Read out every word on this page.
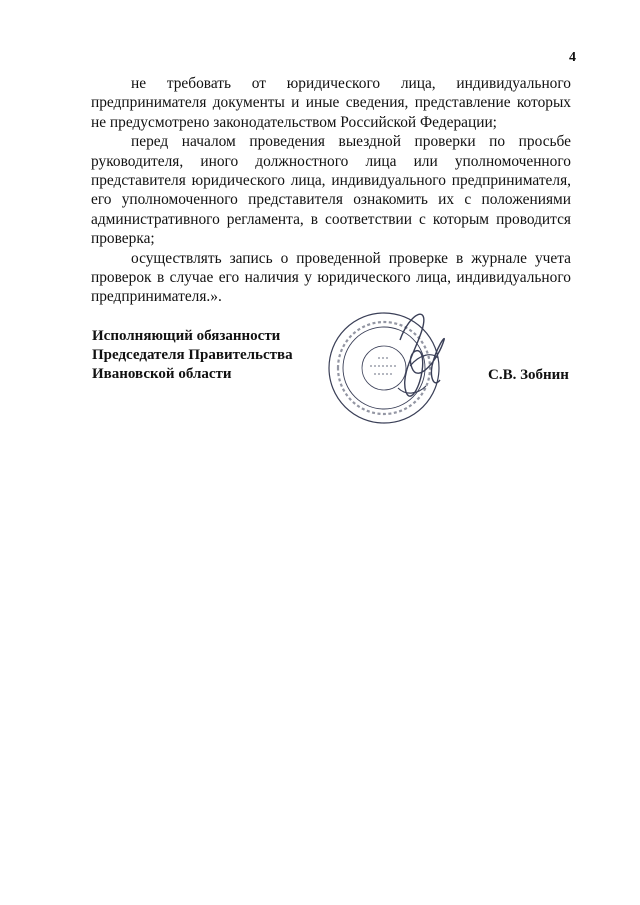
4

не требовать от юридического лица, индивидуального предпринимателя документы и иные сведения, представление которых не предусмотрено законодательством Российской Федерации;

перед началом проведения выездной проверки по просьбе руководителя, иного должностного лица или уполномоченного представителя юридического лица, индивидуального предпринимателя, его уполномоченного представителя ознакомить их с положениями административного регламента, в соответствии с которым проводится проверка;

осуществлять запись о проведенной проверке в журнале учета проверок в случае его наличия у юридического лица, индивидуального предпринимателя.».

Исполняющий обязанности
Председателя Правительства
Ивановской области	С.В. Зобнин
